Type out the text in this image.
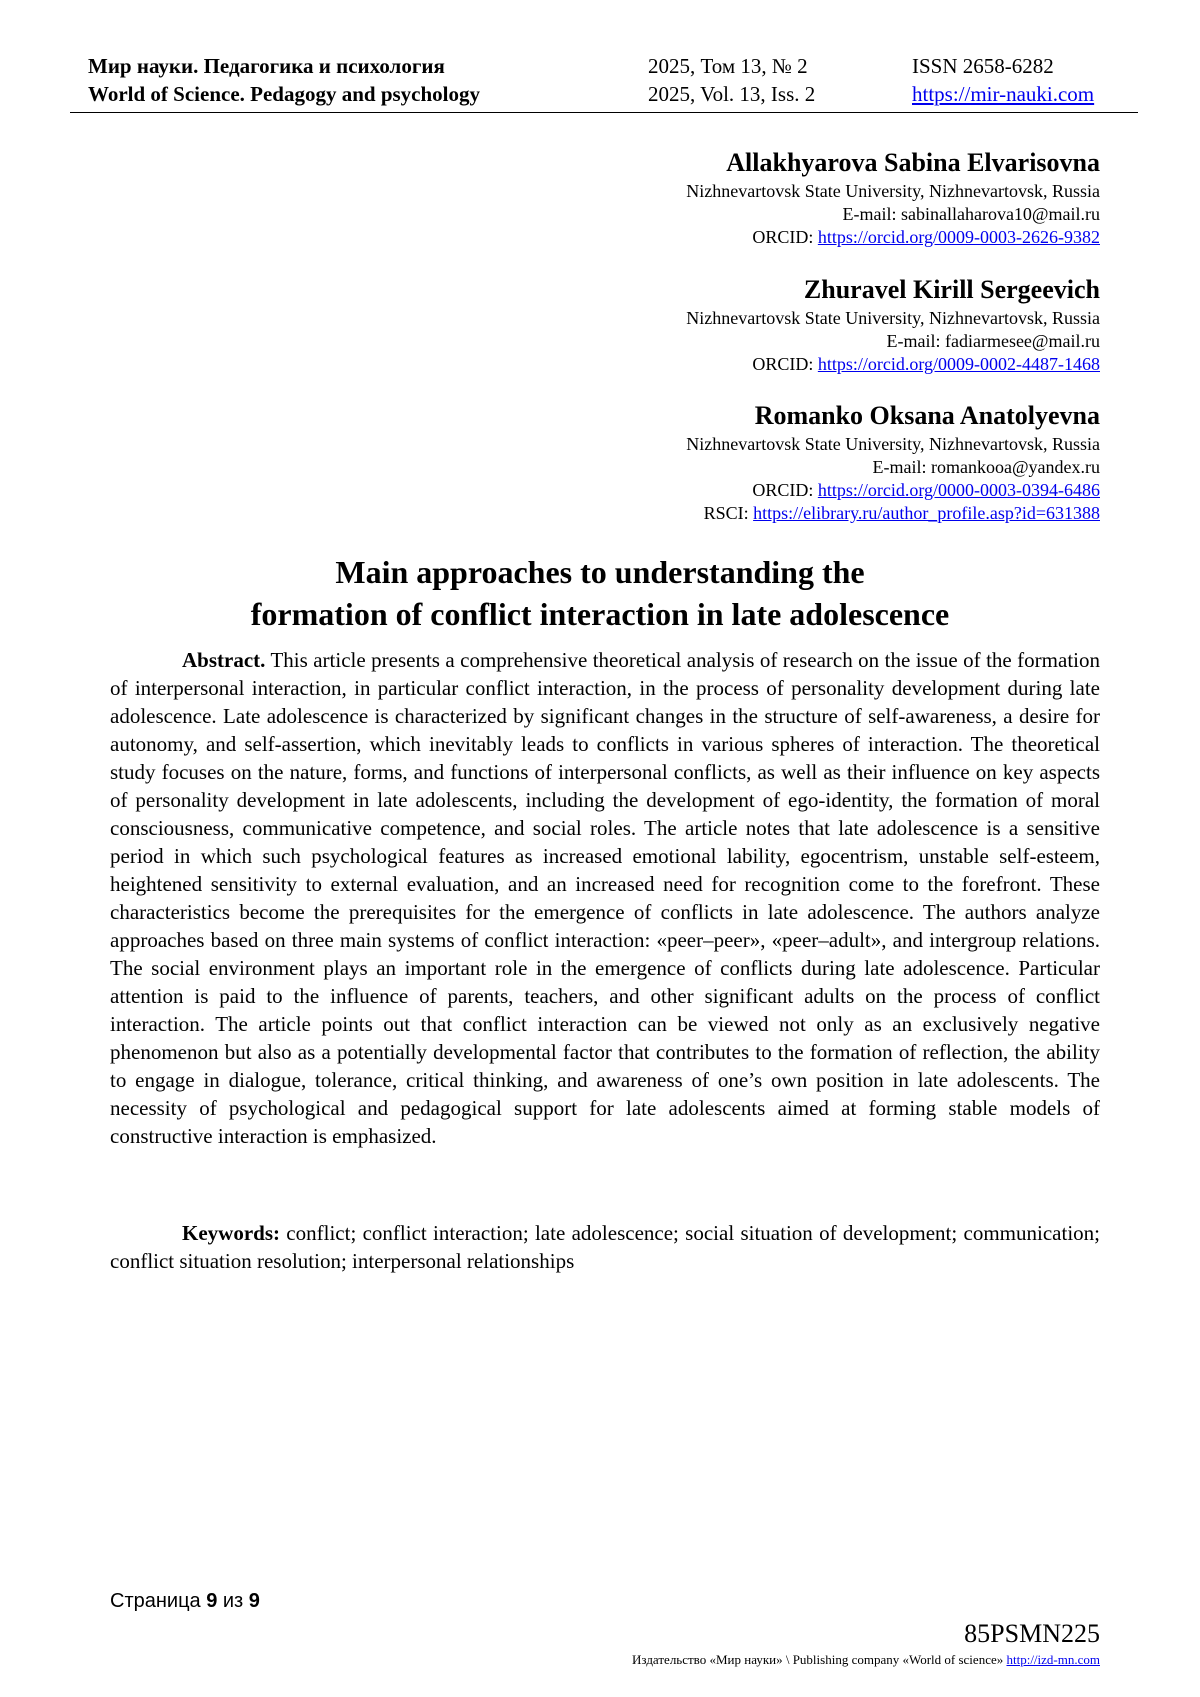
Мир науки. Педагогика и психология	2025, Том 13, № 2	ISSN 2658-6282
World of Science. Pedagogy and psychology	2025, Vol. 13, Iss. 2	https://mir-nauki.com
Allakhyarova Sabina Elvarisovna
Nizhnevartovsk State University, Nizhnevartovsk, Russia
E-mail: sabinallaharova10@mail.ru
ORCID: https://orcid.org/0009-0003-2626-9382
Zhuravel Kirill Sergeevich
Nizhnevartovsk State University, Nizhnevartovsk, Russia
E-mail: fadiarmesee@mail.ru
ORCID: https://orcid.org/0009-0002-4487-1468
Romanko Oksana Anatolyevna
Nizhnevartovsk State University, Nizhnevartovsk, Russia
E-mail: romankooa@yandex.ru
ORCID: https://orcid.org/0000-0003-0394-6486
RSCI: https://elibrary.ru/author_profile.asp?id=631388
Main approaches to understanding the
formation of conflict interaction in late adolescence

Abstract. This article presents a comprehensive theoretical analysis of research on the issue of the formation of interpersonal interaction, in particular conflict interaction, in the process of personality development during late adolescence. Late adolescence is characterized by significant changes in the structure of self-awareness, a desire for autonomy, and self-assertion, which inevitably leads to conflicts in various spheres of interaction. The theoretical study focuses on the nature, forms, and functions of interpersonal conflicts, as well as their influence on key aspects of personality development in late adolescents, including the development of ego-identity, the formation of moral consciousness, communicative competence, and social roles. The article notes that late adolescence is a sensitive period in which such psychological features as increased emotional lability, egocentrism, unstable self-esteem, heightened sensitivity to external evaluation, and an increased need for recognition come to the forefront. These characteristics become the prerequisites for the emergence of conflicts in late adolescence. The authors analyze approaches based on three main systems of conflict interaction: «peer–peer», «peer–adult», and intergroup relations. The social environment plays an important role in the emergence of conflicts during late adolescence. Particular attention is paid to the influence of parents, teachers, and other significant adults on the process of conflict interaction. The article points out that conflict interaction can be viewed not only as an exclusively negative phenomenon but also as a potentially developmental factor that contributes to the formation of reflection, the ability to engage in dialogue, tolerance, critical thinking, and awareness of one’s own position in late adolescents. The necessity of psychological and pedagogical support for late adolescents aimed at forming stable models of constructive interaction is emphasized.

Keywords: conflict; conflict interaction; late adolescence; social situation of development; communication; conflict situation resolution; interpersonal relationships

Страница 9 из 9
85PSMN225
Издательство «Мир науки» \ Publishing company «World of science» http://izd-mn.com
